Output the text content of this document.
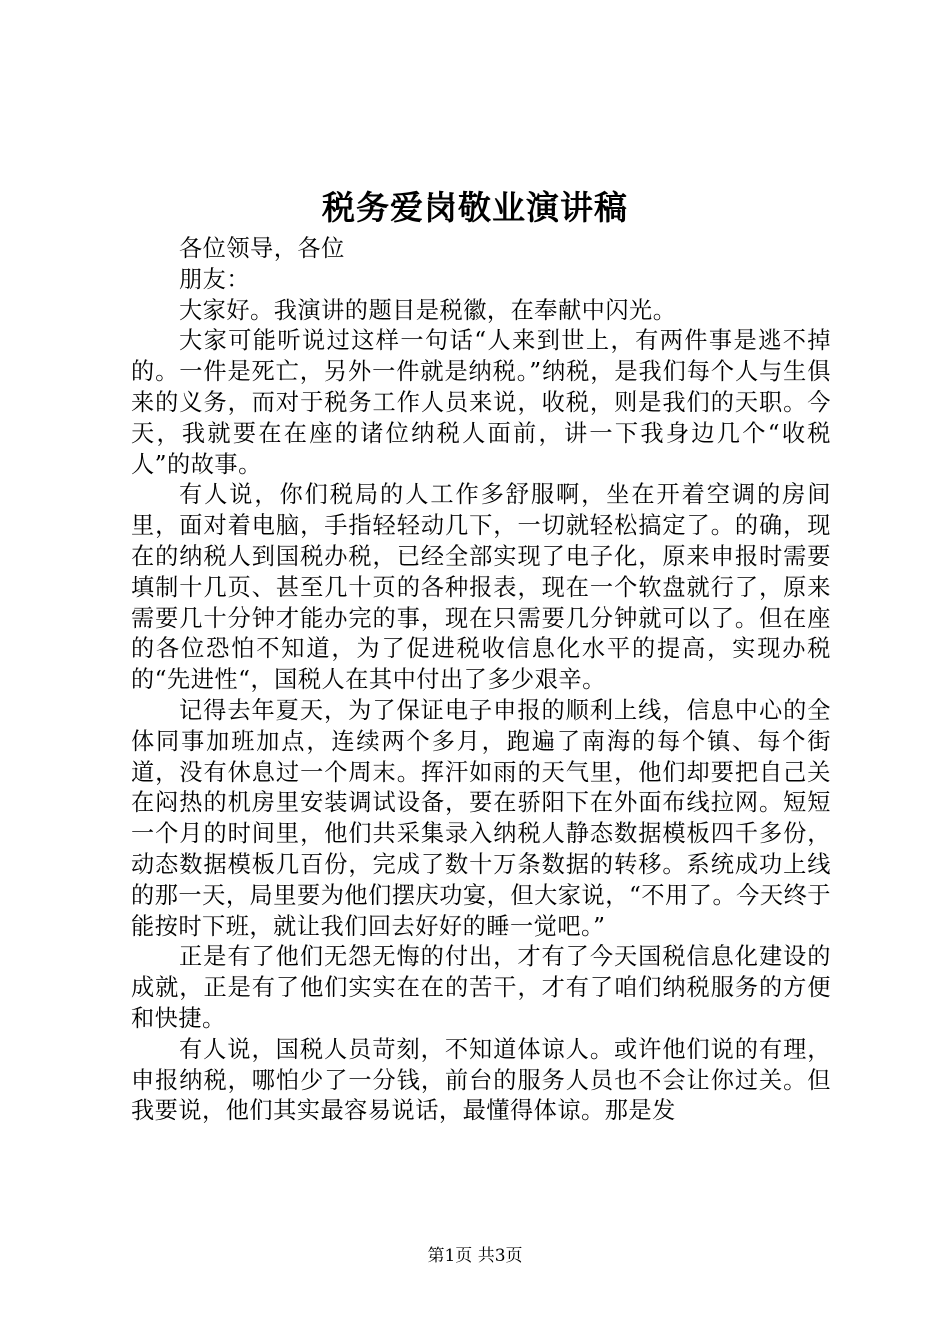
税务爱岗敬业演讲稿

各位领导，各位

朋友：

大家好。我演讲的题目是税徽，在奉献中闪光。

大家可能听说过这样一句话“人来到世上，有两件事是逃不掉的。一件是死亡，另外一件就是纳税。”纳税，是我们每个人与生俱来的义务，而对于税务工作人员来说，收税，则是我们的天职。今天，我就要在在座的诸位纳税人面前，讲一下我身边几个“收税人”的故事。

有人说，你们税局的人工作多舒服啊，坐在开着空调的房间里，面对着电脑，手指轻轻动几下，一切就轻松搞定了。的确，现在的纳税人到国税办税，已经全部实现了电子化，原来申报时需要填制十几页、甚至几十页的各种报表，现在一个软盘就行了，原来需要几十分钟才能办完的事，现在只需要几分钟就可以了。但在座的各位恐怕不知道，为了促进税收信息化水平的提高，实现办税的“先进性“，国税人在其中付出了多少艰辛。

记得去年夏天，为了保证电子申报的顺利上线，信息中心的全体同事加班加点，连续两个多月，跑遍了南海的每个镇、每个街道，没有休息过一个周末。挥汗如雨的天气里，他们却要把自己关在闷热的机房里安装调试设备，要在骄阳下在外面布线拉网。短短一个月的时间里，他们共采集录入纳税人静态数据模板四千多份，动态数据模板几百份，完成了数十万条数据的转移。系统成功上线的那一天，局里要为他们摆庆功宴，但大家说，“不用了。今天终于能按时下班，就让我们回去好好的睡一觉吧。”

正是有了他们无怨无悔的付出，才有了今天国税信息化建设的成就，正是有了他们实实在在的苦干，才有了咱们纳税服务的方便和快捷。

有人说，国税人员苛刻，不知道体谅人。或许他们说的有理，申报纳税，哪怕少了一分钱，前台的服务人员也不会让你过关。但我要说，他们其实最容易说话，最懂得体谅。那是发

第1页 共3页
